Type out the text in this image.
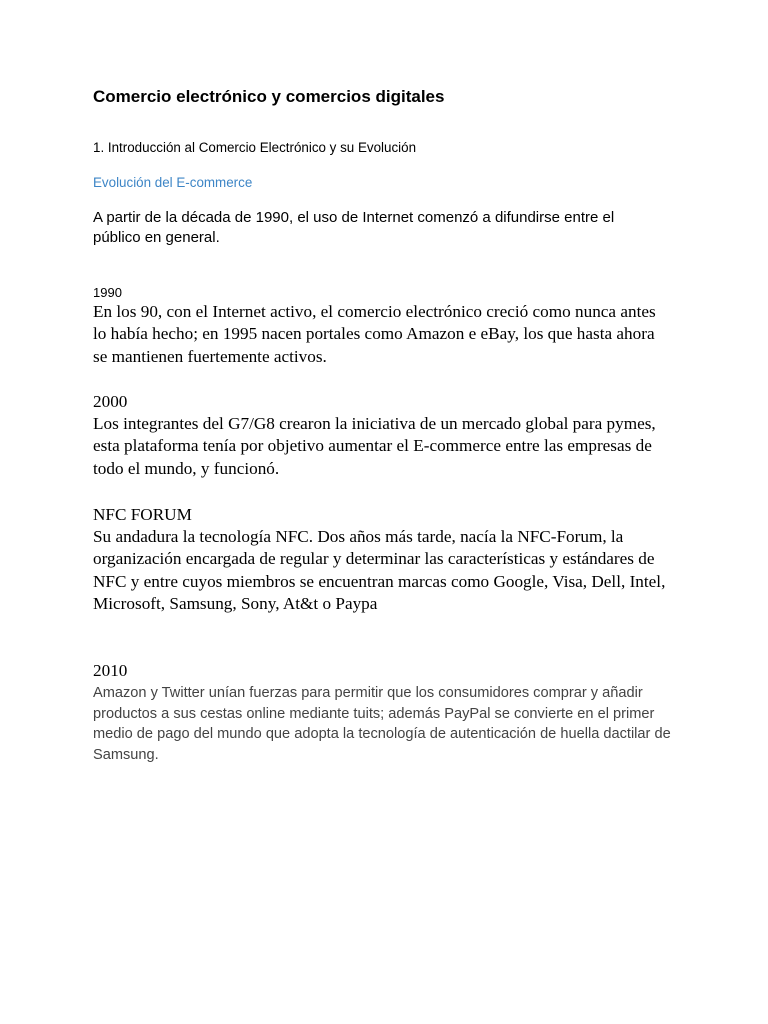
Comercio electrónico y comercios digitales

1. Introducción al Comercio Electrónico y su Evolución

Evolución del E-commerce

A partir de la década de 1990, el uso de Internet comenzó a difundirse entre el público en general.

1990

En los 90, con el Internet activo, el comercio electrónico creció como nunca antes lo había hecho; en 1995 nacen portales como Amazon e eBay, los que hasta ahora se mantienen fuertemente activos.

2000

Los integrantes del G7/G8 crearon la iniciativa de un mercado global para pymes, esta plataforma tenía por objetivo aumentar el E-commerce entre las empresas de todo el mundo, y funcionó.

NFC FORUM

Su andadura la tecnología NFC. Dos años más tarde, nacía la NFC-Forum, la organización encargada de regular y determinar las características y estándares de NFC y entre cuyos miembros se encuentran marcas como Google, Visa, Dell, Intel, Microsoft, Samsung, Sony, At&t o Paypa

2010

Amazon y Twitter unían fuerzas para permitir que los consumidores comprar y añadir productos a sus cestas online mediante tuits; además PayPal se convierte en el primer medio de pago del mundo que adopta la tecnología de autenticación de huella dactilar de Samsung.
